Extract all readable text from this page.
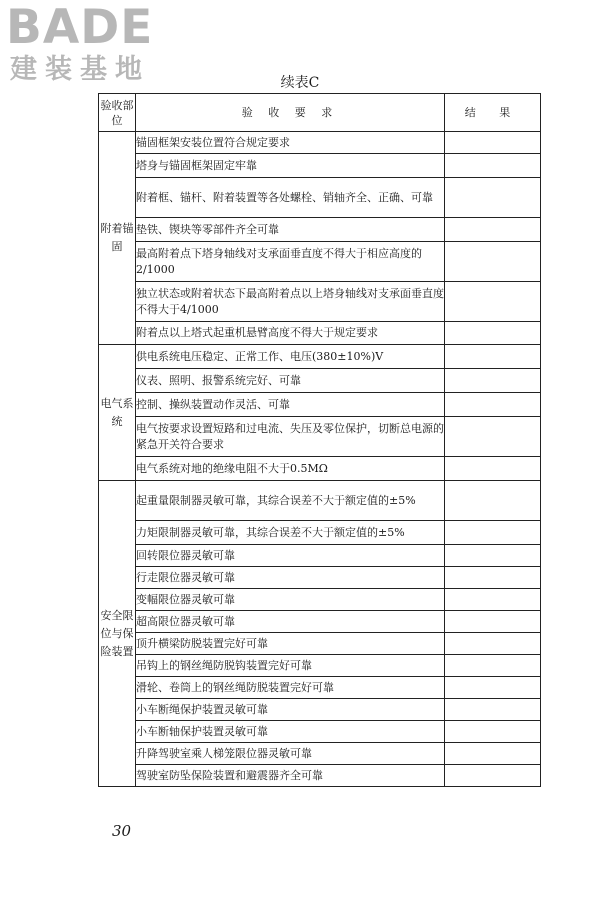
BADE
建装基地	续表C
验收部位	验 收 要 求	结 果
附着锚固	锚固框架安装位置符合规定要求	
	塔身与锚固框架固定牢靠	
	附着框、锚杆、附着装置等各处螺栓、销轴齐全、正确、可靠	
	垫铁、锲块等零部件齐全可靠	
	最高附着点下塔身轴线对支承面垂直度不得大于相应高度的2/1000	
	独立状态或附着状态下最高附着点以上塔身轴线对支承面垂直度不得大于4/1000	
	附着点以上塔式起重机悬臂高度不得大于规定要求	
电气系统	供电系统电压稳定、正常工作、电压(380±10%)V	
	仪表、照明、报警系统完好、可靠	
	控制、操纵装置动作灵活、可靠	
	电气按要求设置短路和过电流、失压及零位保护，切断总电源的紧急开关符合要求	
	电气系统对地的绝缘电阻不大于0.5MΩ	
安全限位与保险装置	起重量限制器灵敏可靠，其综合误差不大于额定值的±5%	
	力矩限制器灵敏可靠，其综合误差不大于额定值的±5%	
	回转限位器灵敏可靠	
	行走限位器灵敏可靠	
	变幅限位器灵敏可靠	
	超高限位器灵敏可靠	
	顶升横梁防脱装置完好可靠	
	吊钩上的钢丝绳防脱钩装置完好可靠	
	滑轮、卷筒上的钢丝绳防脱装置完好可靠	
	小车断绳保护装置灵敏可靠	
	小车断轴保护装置灵敏可靠	
	升降驾驶室乘人梯笼限位器灵敏可靠	
	驾驶室防坠保险装置和避震器齐全可靠	
30
